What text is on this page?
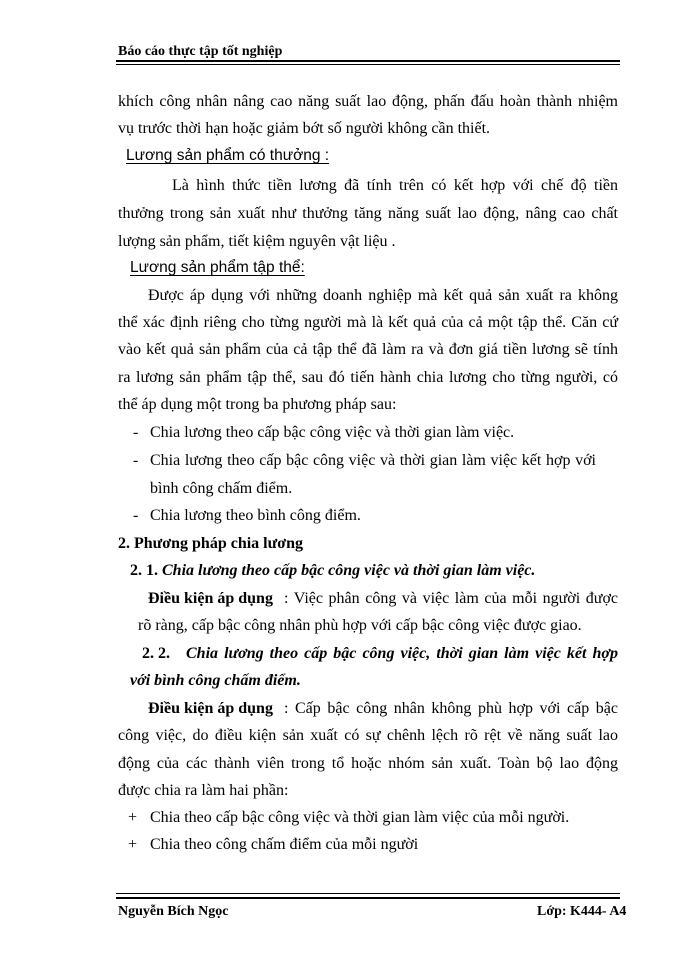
Báo cáo thực tập tốt nghiệp
khích công nhân nâng cao năng suất lao động, phấn đấu hoàn thành nhiệm
vụ trước thời hạn hoặc giảm bớt số người không cần thiết.
Lương sản phẩm có thưởng :
Là hình thức tiền lương đã tính trên có kết hợp với chế độ tiền
thưởng trong sản xuất như thưởng tăng năng suất lao động, nâng cao chất
lượng sản phẩm, tiết kiệm nguyên vật liệu .
Lương sản phẩm tập thể:
Được áp dụng với những doanh nghiệp mà kết quả sản xuất ra không
thể xác định riêng cho từng người mà là kết quả của cả một tập thể. Căn cứ
vào kết quả sản phẩm của cả tập thể đã làm ra và đơn giá tiền lương sẽ tính
ra lương sản phẩm tập thể, sau đó tiến hành chia lương cho từng người, có
thể áp dụng một trong ba phương pháp sau:
- Chia lương theo cấp bậc công việc và thời gian làm việc.
- Chia lương theo cấp bậc công việc và thời gian làm việc kết hợp với
bình công chấm điểm.
- Chia lương theo bình công điểm.
2. Phương pháp chia lương
2. 1. Chia lương theo cấp bậc công việc và thời gian làm việc.
Điều kiện áp dụng : Việc phân công và việc làm của mỗi người được
rõ ràng, cấp bậc công nhân phù hợp với cấp bậc công việc được giao.
2. 2. Chia lương theo cấp bậc công việc, thời gian làm việc kết hợp
với bình công chấm điểm.
Điều kiện áp dụng : Cấp bậc công nhân không phù hợp với cấp bậc
công việc, do điều kiện sản xuất có sự chênh lệch rõ rệt về năng suất lao
động của các thành viên trong tổ hoặc nhóm sản xuất. Toàn bộ lao động
được chia ra làm hai phần:
+ Chia theo cấp bậc công việc và thời gian làm việc của mỗi người.
+ Chia theo công chấm điểm của mỗi người
Nguyễn Bích Ngọc	Lớp: K444- A4
